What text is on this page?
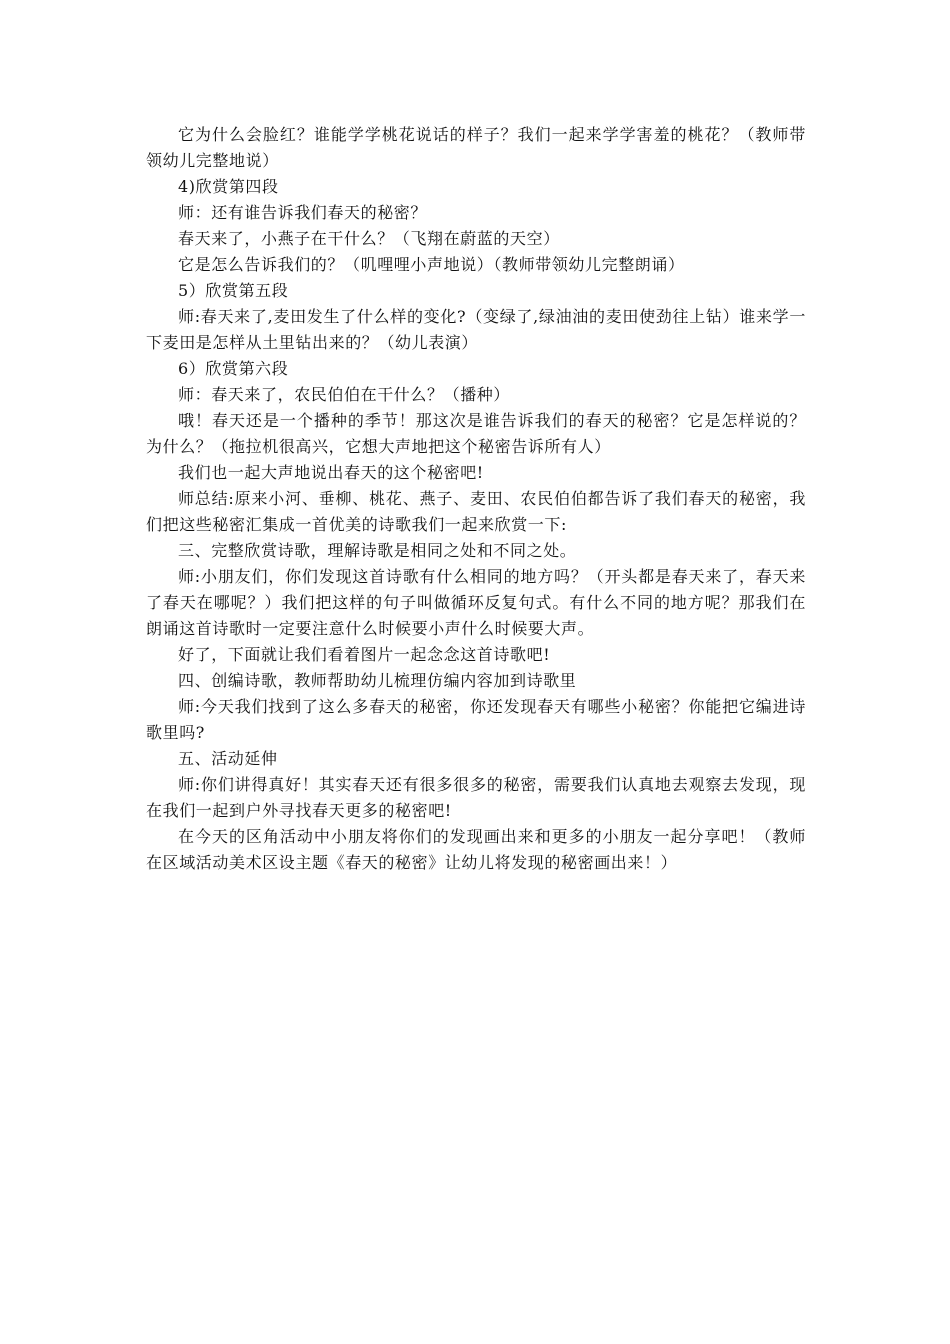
它为什么会脸红？谁能学学桃花说话的样子？我们一起来学学害羞的桃花？（教师带领幼儿完整地说）

4)欣赏第四段

师：还有谁告诉我们春天的秘密？

春天来了，小燕子在干什么？（飞翔在蔚蓝的天空）

它是怎么告诉我们的？（叽哩哩小声地说）（教师带领幼儿完整朗诵）

5）欣赏第五段

师:春天来了,麦田发生了什么样的变化?（变绿了,绿油油的麦田使劲往上钻）谁来学一下麦田是怎样从土里钻出来的？（幼儿表演）

6）欣赏第六段

师：春天来了，农民伯伯在干什么？（播种）

哦！春天还是一个播种的季节！那这次是谁告诉我们的春天的秘密？它是怎样说的？为什么？（拖拉机很高兴，它想大声地把这个秘密告诉所有人）

我们也一起大声地说出春天的这个秘密吧!

师总结:原来小河、垂柳、桃花、燕子、麦田、农民伯伯都告诉了我们春天的秘密，我们把这些秘密汇集成一首优美的诗歌我们一起来欣赏一下:

三、完整欣赏诗歌，理解诗歌是相同之处和不同之处。

师:小朋友们，你们发现这首诗歌有什么相同的地方吗？（开头都是春天来了，春天来了春天在哪呢？）我们把这样的句子叫做循环反复句式。有什么不同的地方呢？那我们在朗诵这首诗歌时一定要注意什么时候要小声什么时候要大声。

好了，下面就让我们看着图片一起念念这首诗歌吧!

四、创编诗歌，教师帮助幼儿梳理仿编内容加到诗歌里

师:今天我们找到了这么多春天的秘密，你还发现春天有哪些小秘密？你能把它编进诗歌里吗?

五、活动延伸

师:你们讲得真好！其实春天还有很多很多的秘密，需要我们认真地去观察去发现，现在我们一起到户外寻找春天更多的秘密吧!

在今天的区角活动中小朋友将你们的发现画出来和更多的小朋友一起分享吧！（教师在区域活动美术区设主题《春天的秘密》让幼儿将发现的秘密画出来！）
